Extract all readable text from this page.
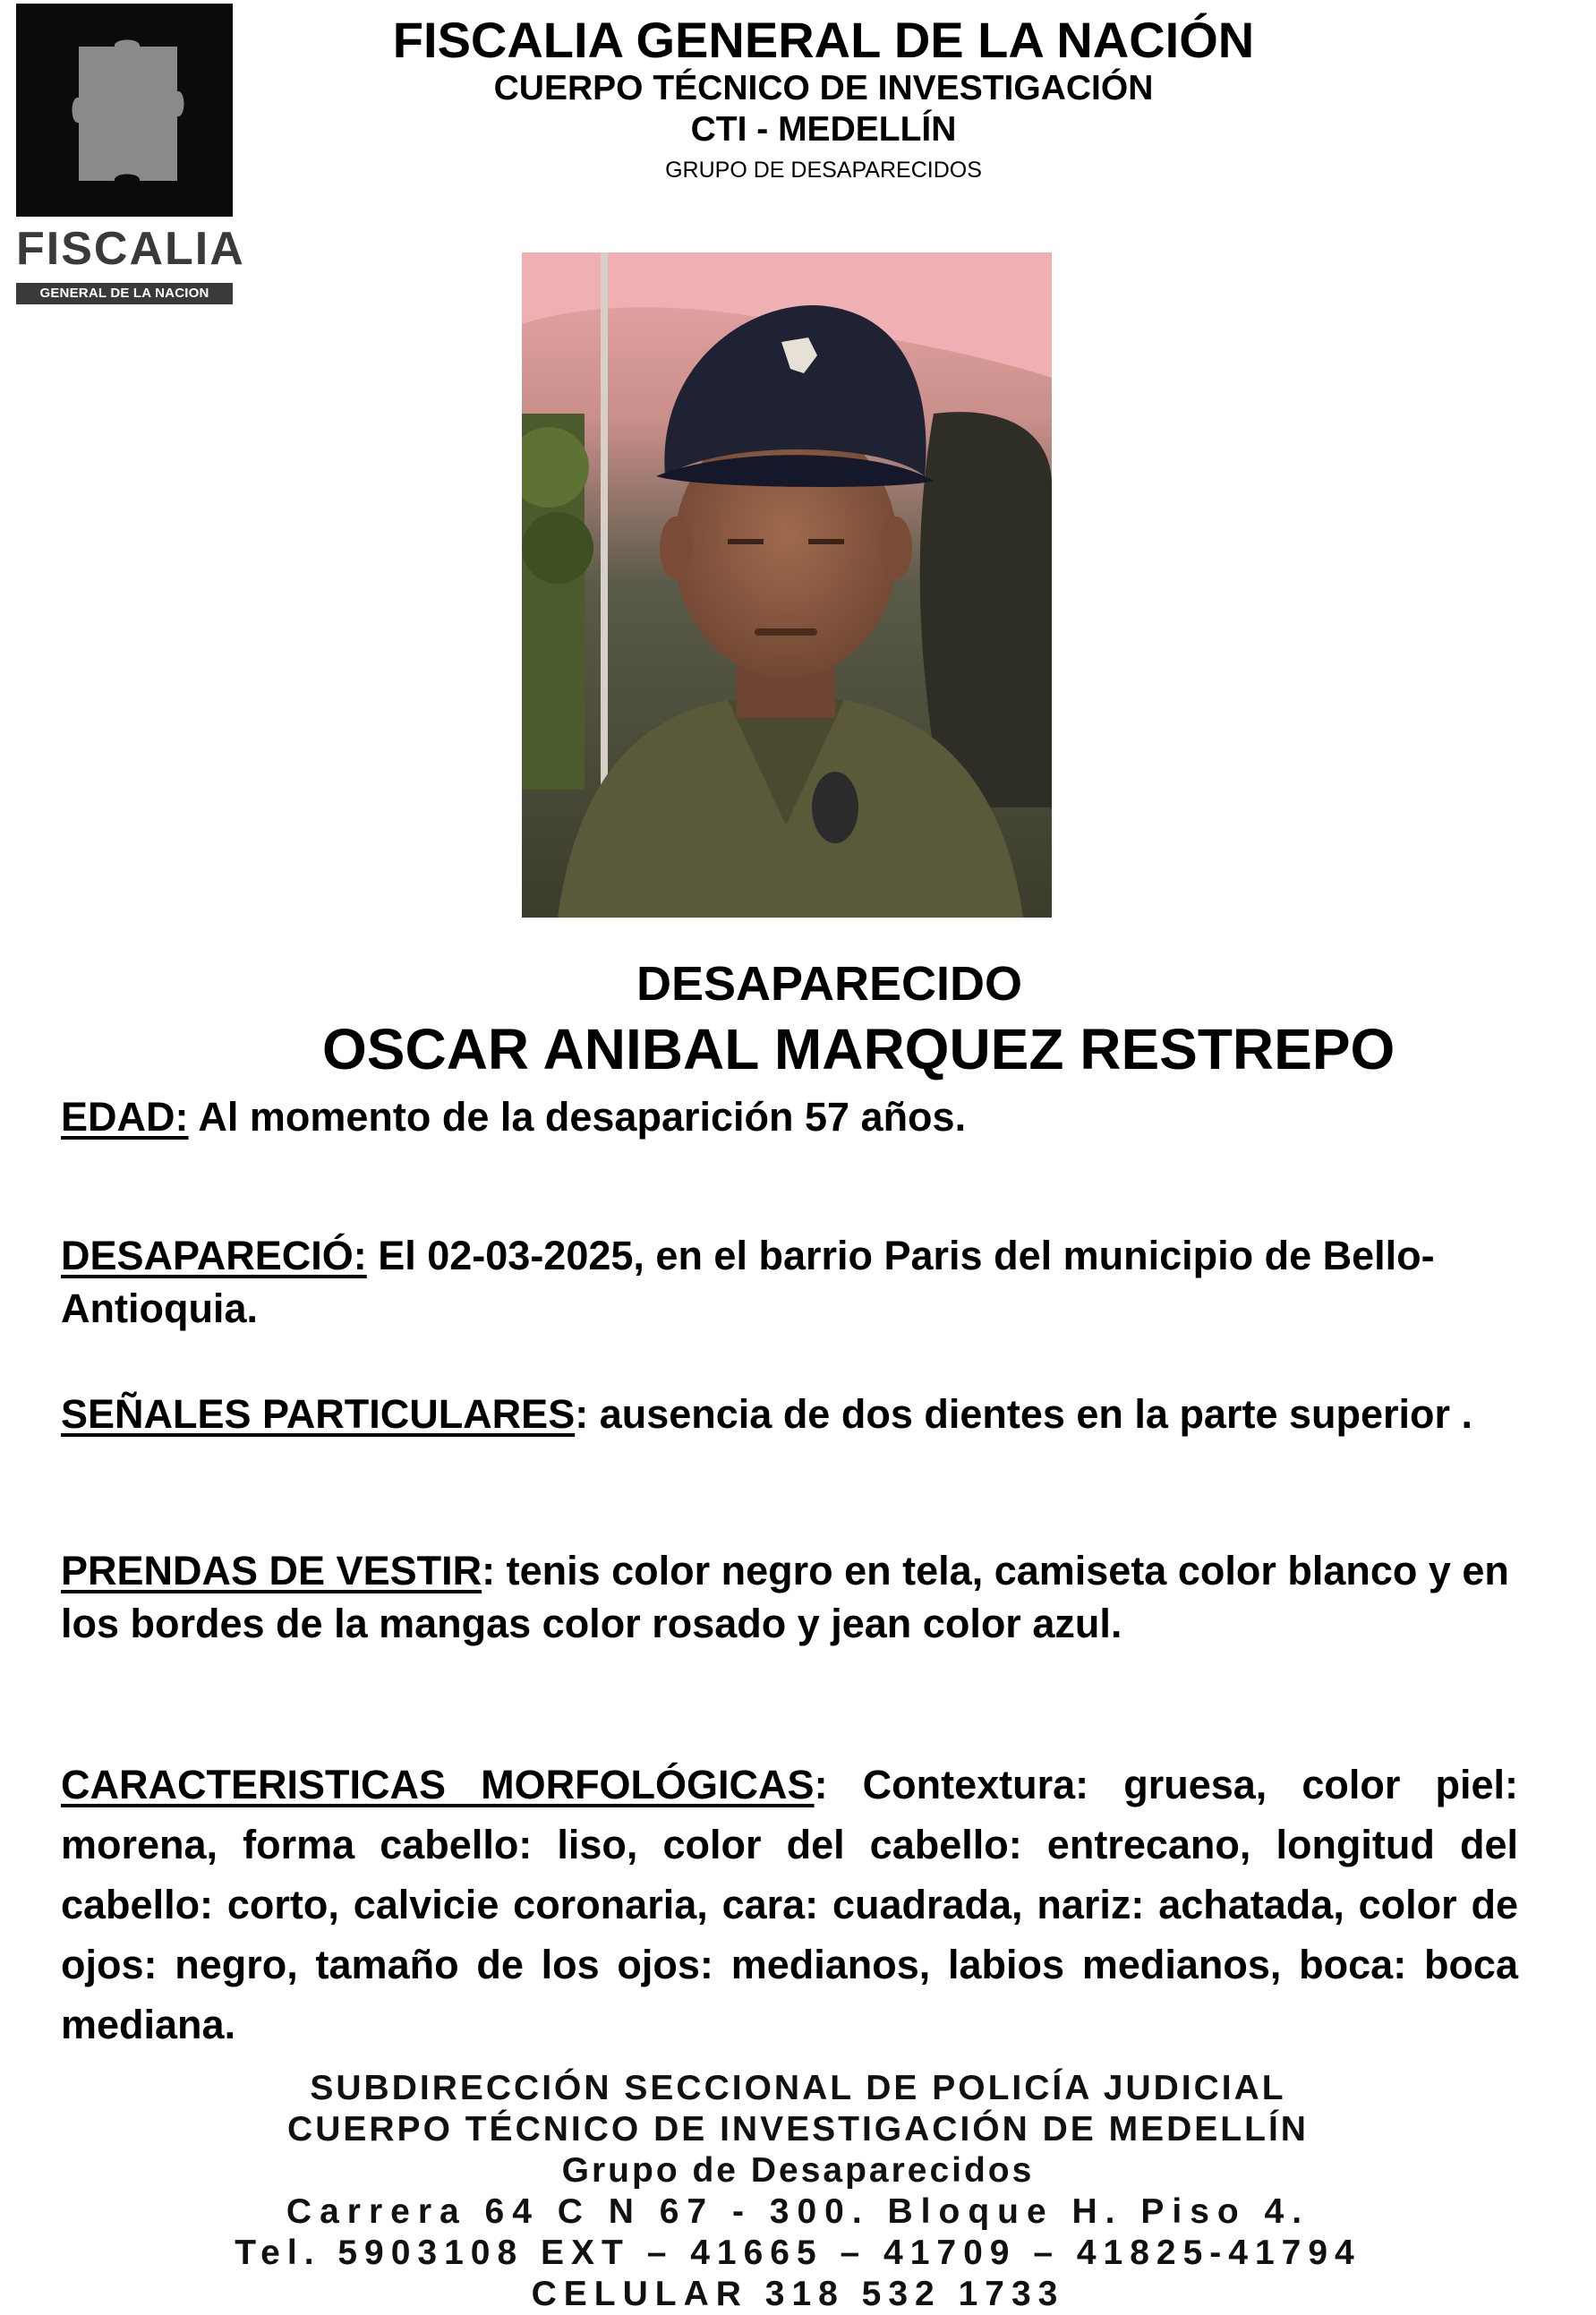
FISCALIA
GENERAL DE LA NACION
FISCALIA GENERAL DE LA NACIÓN
CUERPO TÉCNICO DE INVESTIGACIÓN
CTI - MEDELLÍN
GRUPO DE DESAPARECIDOS
DESAPARECIDO
OSCAR ANIBAL MARQUEZ RESTREPO
EDAD: Al momento de la desaparición 57 años.
DESAPARECIÓ: El 02-03-2025, en el barrio Paris del municipio de Bello- Antioquia.
SEÑALES PARTICULARES: ausencia de dos dientes en la parte superior .
PRENDAS DE VESTIR: tenis color negro en tela, camiseta color blanco y en los bordes de la mangas color rosado y jean color azul.
CARACTERISTICAS MORFOLÓGICAS: Contextura: gruesa, color piel: morena, forma cabello: liso, color del cabello: entrecano, longitud del cabello: corto, calvicie coronaria, cara: cuadrada, nariz: achatada, color de ojos: negro, tamaño de los ojos: medianos, labios medianos, boca: boca mediana.
SUBDIRECCIÓN SECCIONAL DE POLICÍA JUDICIAL
CUERPO TÉCNICO DE INVESTIGACIÓN DE MEDELLÍN
Grupo de Desaparecidos
Carrera 64 C N 67 - 300. Bloque H. Piso 4.
Tel. 5903108 EXT – 41665 – 41709 – 41825-41794
CELULAR 318 532 1733
